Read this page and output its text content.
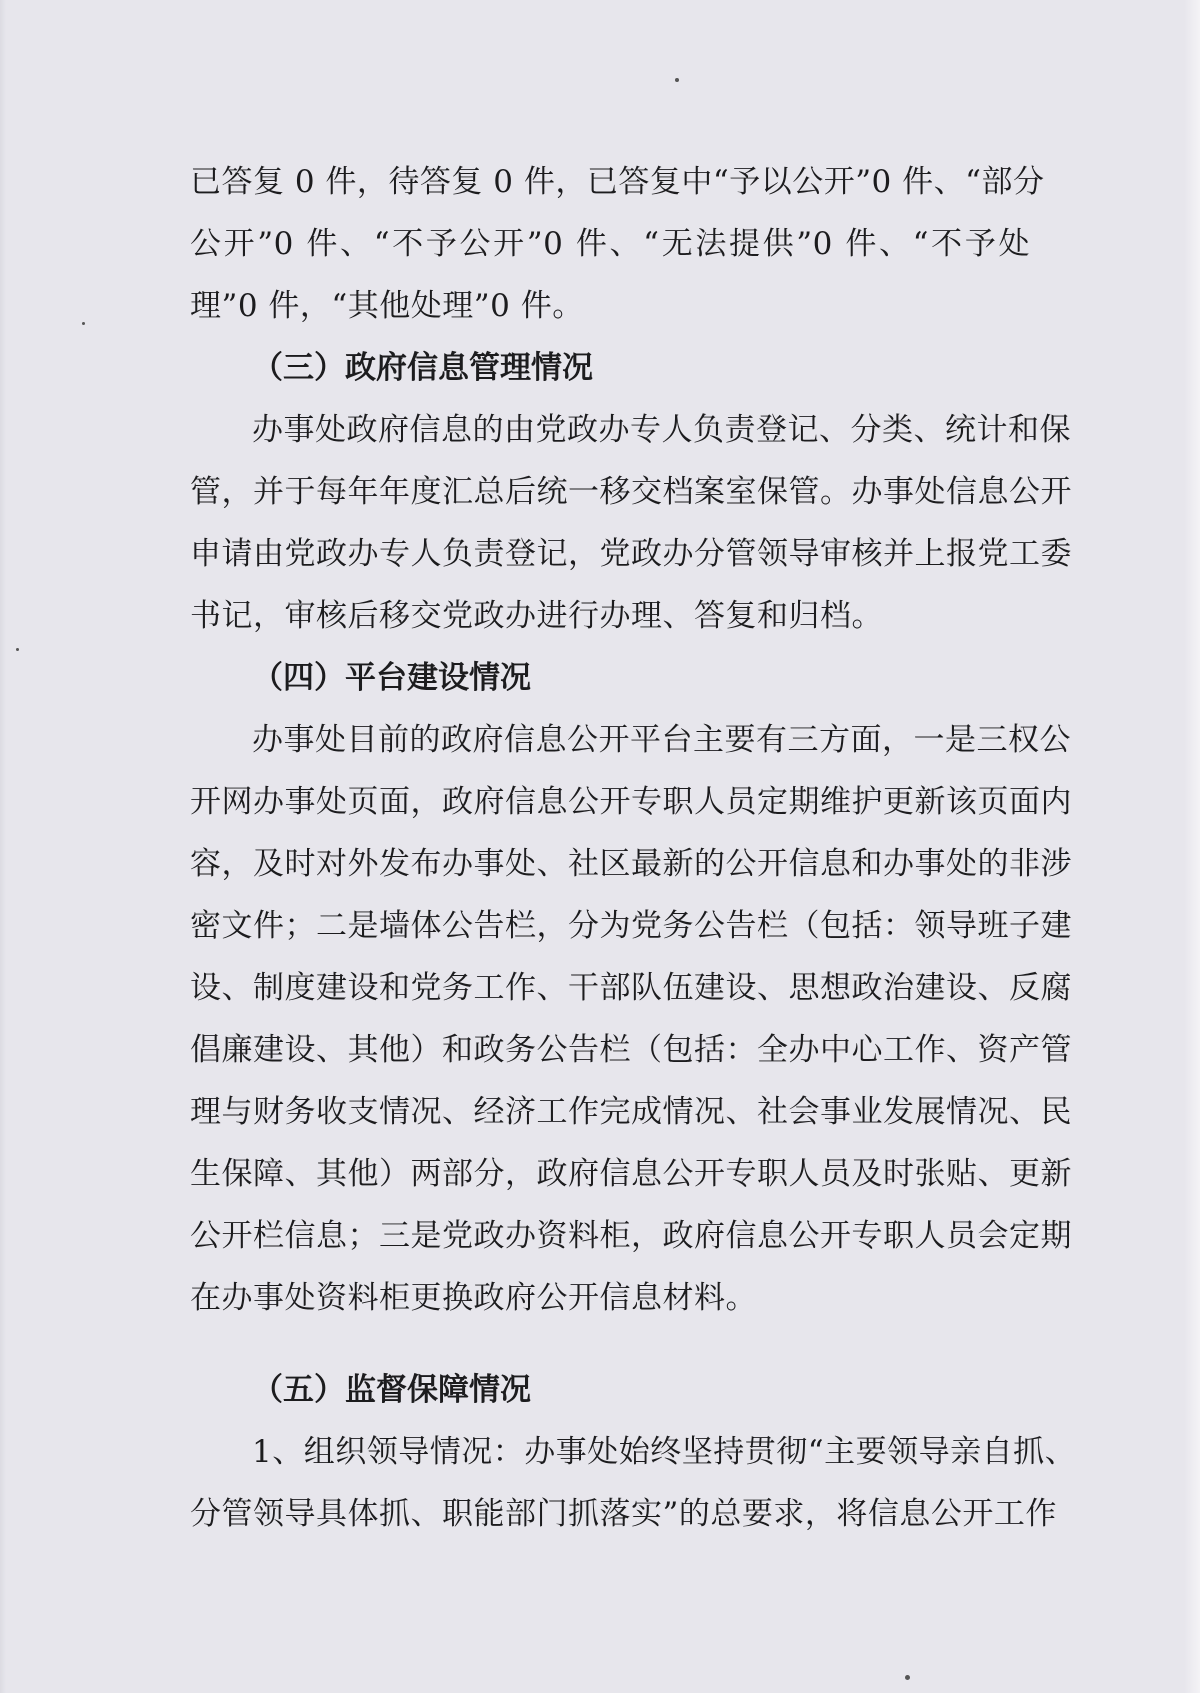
已答复 0 件，待答复 0 件，已答复中“予以公开”0 件、“部分
公开”0 件、“不予公开”0 件、“无法提供”0 件、“不予处
理”0 件，“其他处理”0 件。
（三）政府信息管理情况
办事处政府信息的由党政办专人负责登记、分类、统计和保
管，并于每年年度汇总后统一移交档案室保管。办事处信息公开
申请由党政办专人负责登记，党政办分管领导审核并上报党工委
书记，审核后移交党政办进行办理、答复和归档。
（四）平台建设情况
办事处目前的政府信息公开平台主要有三方面，一是三权公
开网办事处页面，政府信息公开专职人员定期维护更新该页面内
容，及时对外发布办事处、社区最新的公开信息和办事处的非涉
密文件；二是墙体公告栏，分为党务公告栏（包括：领导班子建
设、制度建设和党务工作、干部队伍建设、思想政治建设、反腐
倡廉建设、其他）和政务公告栏（包括：全办中心工作、资产管
理与财务收支情况、经济工作完成情况、社会事业发展情况、民
生保障、其他）两部分，政府信息公开专职人员及时张贴、更新
公开栏信息；三是党政办资料柜，政府信息公开专职人员会定期
在办事处资料柜更换政府公开信息材料。
（五）监督保障情况
1、组织领导情况：办事处始终坚持贯彻“主要领导亲自抓、
分管领导具体抓、职能部门抓落实”的总要求，将信息公开工作
